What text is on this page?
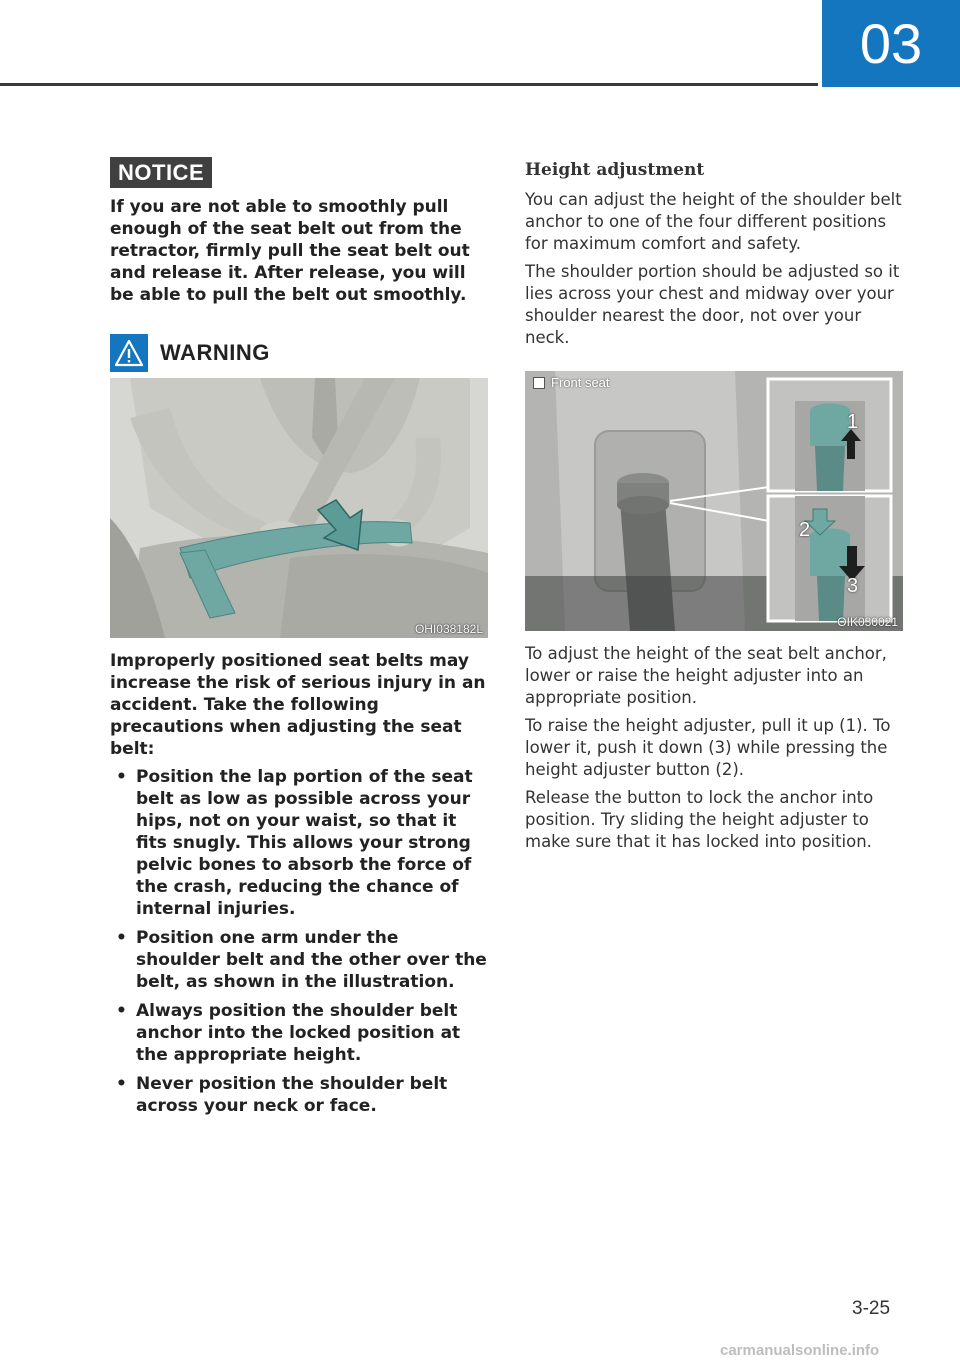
03
NOTICE

If you are not able to smoothly pull enough of the seat belt out from the retractor, firmly pull the seat belt out and release it. After release, you will be able to pull the belt out smoothly.

WARNING
OHI038182L

Improperly positioned seat belts may increase the risk of serious injury in an accident. Take the following precautions when adjusting the seat belt:

• Position the lap portion of the seat belt as low as possible across your hips, not on your waist, so that it fits snugly. This allows your strong pelvic bones to absorb the force of the crash, reducing the chance of internal injuries.
• Position one arm under the shoulder belt and the other over the belt, as shown in the illustration.
• Always position the shoulder belt anchor into the locked position at the appropriate height.
• Never position the shoulder belt across your neck or face.
Height adjustment

You can adjust the height of the shoulder belt anchor to one of the four different positions for maximum comfort and safety.

The shoulder portion should be adjusted so it lies across your chest and midway over your shoulder nearest the door, not over your neck.

Front seat
1
2
3
OIK030021

To adjust the height of the seat belt anchor, lower or raise the height adjuster into an appropriate position.

To raise the height adjuster, pull it up (1). To lower it, push it down (3) while pressing the height adjuster button (2).

Release the button to lock the anchor into position. Try sliding the height adjuster to make sure that it has locked into position.

3-25
carmanualsonline.info
